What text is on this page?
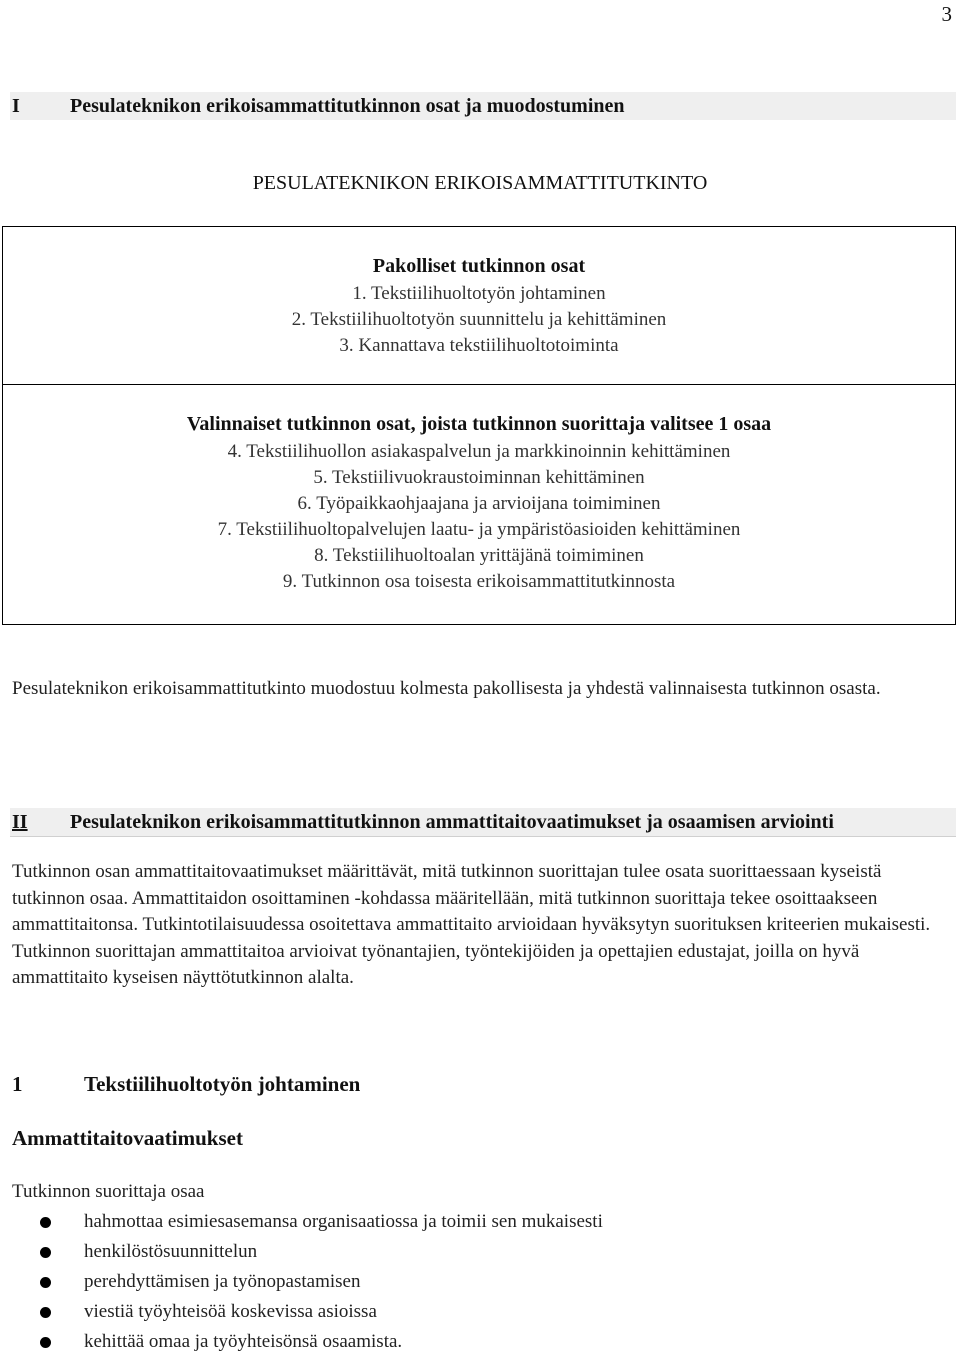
3
I	Pesulateknikon erikoisammattitutkinnon osat ja muodostuminen
PESULATEKNIKON ERIKOISAMMATTITUTKINTO
Pakolliset tutkinnon osat
1. Tekstiilihuoltotyön johtaminen
2. Tekstiilihuoltotyön suunnittelu ja kehittäminen
3. Kannattava tekstiilihuoltotoiminta
Valinnaiset tutkinnon osat, joista tutkinnon suorittaja valitsee 1 osaa
4. Tekstiilihuollon asiakaspalvelun ja markkinoinnin kehittäminen
5. Tekstiilivuokraustoiminnan kehittäminen
6. Työpaikkaohjaajana ja arvioijana toimiminen
7. Tekstiilihuoltopalvelujen laatu- ja ympäristöasioiden kehittäminen
8. Tekstiilihuoltoalan yrittäjänä toimiminen
9. Tutkinnon osa toisesta erikoisammattitutkinnosta

Pesulateknikon erikoisammattitutkinto muodostuu kolmesta pakollisesta ja yhdestä valinnaisesta tutkinnon osasta.

II Pesulateknikon erikoisammattitutkinnon ammattitaitovaatimukset ja osaamisen arviointi

Tutkinnon osan ammattitaitovaatimukset määrittävät, mitä tutkinnon suorittajan tulee osata suorittaessaan kyseistä tutkinnon osaa. Ammattitaidon osoittaminen -kohdassa määritellään, mitä tutkinnon suorittaja tekee osoittaakseen ammattitaitonsa. Tutkintotilaisuudessa osoitettava ammattitaito arvioidaan hyväksytyn suorituksen kriteerien mukaisesti. Tutkinnon suorittajan ammattitaitoa arvioivat työnantajien, työntekijöiden ja opettajien edustajat, joilla on hyvä ammattitaito kyseisen näyttötutkinnon alalta.

1	Tekstiilihuoltotyön johtaminen
Ammattitaitovaatimukset
Tutkinnon suorittaja osaa
hahmottaa esimiesasemansa organisaatiossa ja toimii sen mukaisesti
henkilöstösuunnittelun
perehdyttämisen ja työnopastamisen
viestiä työyhteisöä koskevissa asioissa
kehittää omaa ja työyhteisönsä osaamista.
